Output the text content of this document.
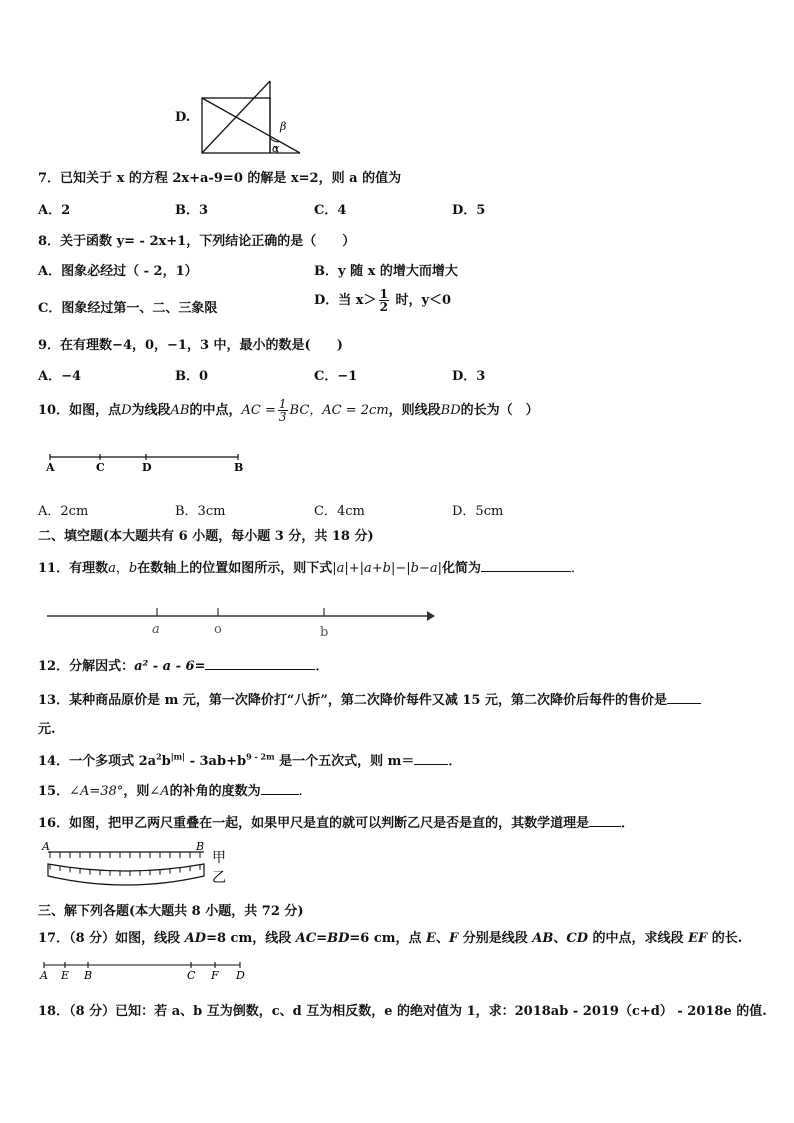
D.
β
α
7．已知关于 x 的方程 2x+a-9=0 的解是 x=2，则 a 的值为
A．2	B．3	C．4	D．5
8．关于函数 y= - 2x+1，下列结论正确的是（　　）
A．图象必经过（ - 2，1）	B．y 随 x 的增大而增大
C．图象经过第一、二、三象限
D．当 $x> \frac{1}{2}$ 时，y＜0
9．在有理数−4，0，−1，3 中，最小的数是(　　)
A．−4	B．0	C．−1	D．3
10．如图，点D为线段AB的中点，AC = $\frac{1}{3}$ BC，AC = 2cm，则线段BD的长为（　）
A	C	D	B
A．2cm	B．3cm	C．4cm	D．5cm
二、填空题(本大题共有 6 小题，每小题 3 分，共 18 分)
11．有理数a，b在数轴上的位置如图所示，则下式|a|+|a+b|−|b−a|化简为	．
a	o	b
12．分解因式：a² - a - 6=	．
13．某种商品原价是 m 元，第一次降价打“八折”，第二次降价每件又减 15 元，第二次降价后每件的售价是
元.
14．一个多项式 $2a^2b^{|m|} - 3ab+b^{9 - 2m}$ 是一个五次式，则 m＝	．
15．∠A=38°，则∠A的补角的度数为	.
16．如图，把甲乙两尺重叠在一起，如果甲尺是直的就可以判断乙尺是否是直的，其数学道理是 ．
A	B
甲
乙
三、解下列各题(本大题共 8 小题，共 72 分)
17．（8 分）如图，线段 AD=8 cm，线段 AC=BD=6 cm，点 E、F 分别是线段 AB、CD 的中点，求线段 EF 的长.
A E B	C F D
18．（8 分）已知：若 a、b 互为倒数，c、d 互为相反数，e 的绝对值为 1，求：2018ab - 2019（c+d） - 2018e 的值.
